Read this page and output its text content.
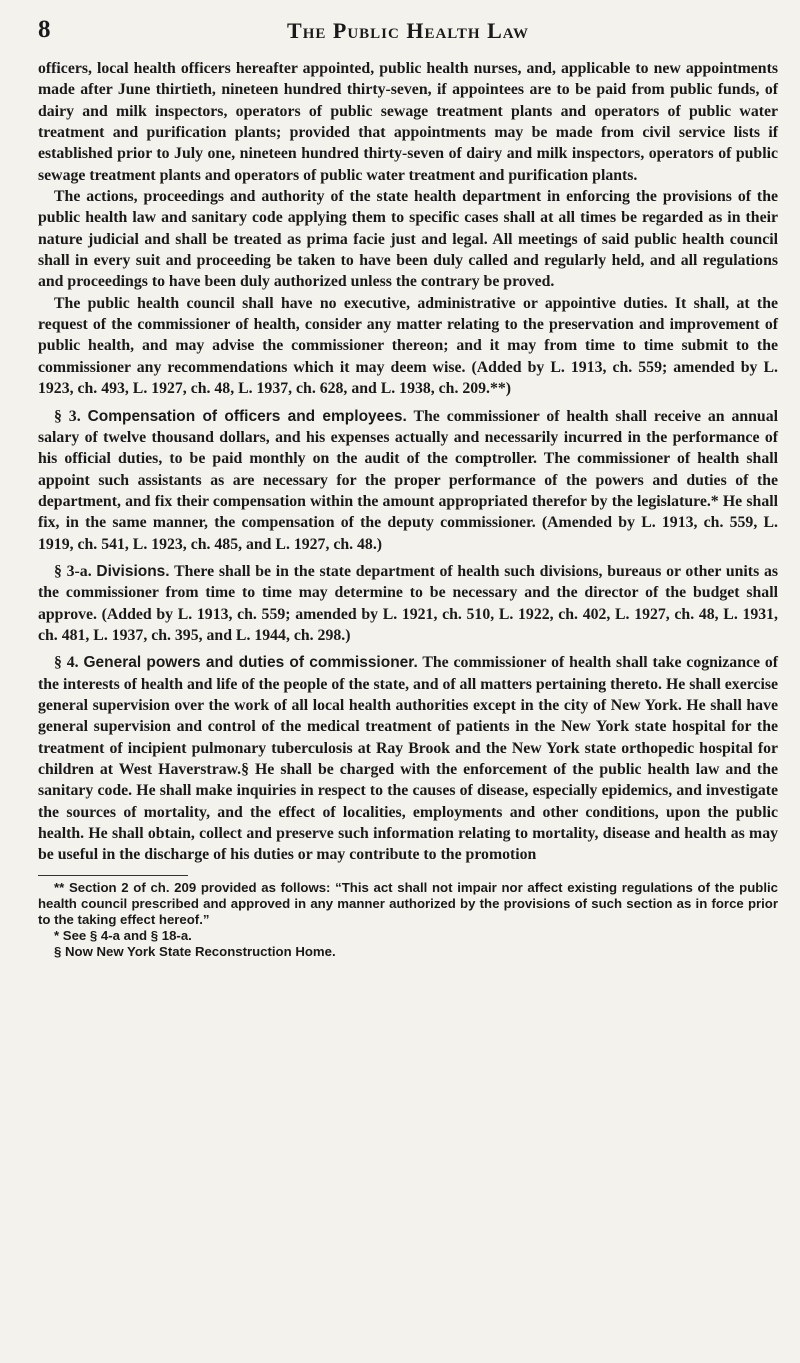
8	The Public Health Law

officers, local health officers hereafter appointed, public health nurses, and, applicable to new appointments made after June thirtieth, nineteen hundred thirty-seven, if appointees are to be paid from public funds, of dairy and milk inspectors, operators of public sewage treatment plants and operators of public water treatment and purification plants; provided that appointments may be made from civil service lists if established prior to July one, nineteen hundred thirty-seven of dairy and milk inspectors, operators of public sewage treatment plants and operators of public water treatment and purification plants.

The actions, proceedings and authority of the state health department in enforcing the provisions of the public health law and sanitary code applying them to specific cases shall at all times be regarded as in their nature judicial and shall be treated as prima facie just and legal. All meetings of said public health council shall in every suit and proceeding be taken to have been duly called and regularly held, and all regulations and proceedings to have been duly authorized unless the contrary be proved.

The public health council shall have no executive, administrative or appointive duties. It shall, at the request of the commissioner of health, consider any matter relating to the preservation and improvement of public health, and may advise the commissioner thereon; and it may from time to time submit to the commissioner any recommendations which it may deem wise. (Added by L. 1913, ch. 559; amended by L. 1923, ch. 493, L. 1927, ch. 48, L. 1937, ch. 628, and L. 1938, ch. 209.**)

§ 3. Compensation of officers and employees. The commissioner of health shall receive an annual salary of twelve thousand dollars, and his expenses actually and necessarily incurred in the performance of his official duties, to be paid monthly on the audit of the comptroller. The commissioner of health shall appoint such assistants as are necessary for the proper performance of the powers and duties of the department, and fix their compensation within the amount appropriated therefor by the legislature.* He shall fix, in the same manner, the compensation of the deputy commissioner. (Amended by L. 1913, ch. 559, L. 1919, ch. 541, L. 1923, ch. 485, and L. 1927, ch. 48.)

§ 3-a. Divisions. There shall be in the state department of health such divisions, bureaus or other units as the commissioner from time to time may determine to be necessary and the director of the budget shall approve. (Added by L. 1913, ch. 559; amended by L. 1921, ch. 510, L. 1922, ch. 402, L. 1927, ch. 48, L. 1931, ch. 481, L. 1937, ch. 395, and L. 1944, ch. 298.)

§ 4. General powers and duties of commissioner. The commissioner of health shall take cognizance of the interests of health and life of the people of the state, and of all matters pertaining thereto. He shall exercise general supervision over the work of all local health authorities except in the city of New York. He shall have general supervision and control of the medical treatment of patients in the New York state hospital for the treatment of incipient pulmonary tuberculosis at Ray Brook and the New York state orthopedic hospital for children at West Haverstraw.§ He shall be charged with the enforcement of the public health law and the sanitary code. He shall make inquiries in respect to the causes of disease, especially epidemics, and investigate the sources of mortality, and the effect of localities, employments and other conditions, upon the public health. He shall obtain, collect and preserve such information relating to mortality, disease and health as may be useful in the discharge of his duties or may contribute to the promotion

** Section 2 of ch. 209 provided as follows: “This act shall not impair nor affect existing regulations of the public health council prescribed and approved in any manner authorized by the provisions of such section as in force prior to the taking effect hereof.”

* See § 4-a and § 18-a.

§ Now New York State Reconstruction Home.
